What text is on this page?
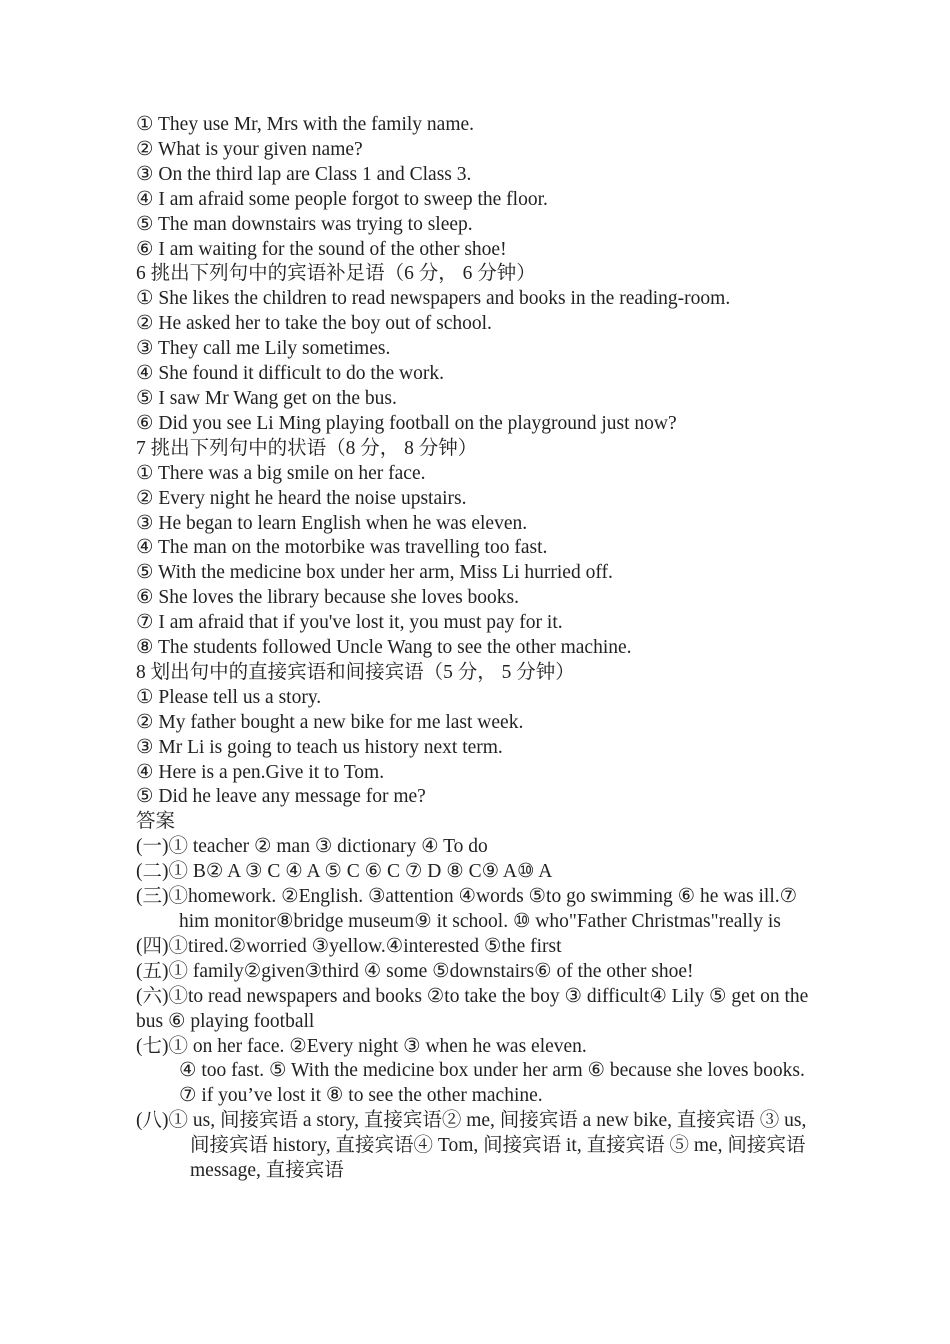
① They use Mr, Mrs with the family name.
② What is your given name?
③ On the third lap are Class 1 and Class 3.
④ I am afraid some people forgot to sweep the floor.
⑤ The man downstairs was trying to sleep.
⑥ I am waiting for the sound of the other shoe!
6 挑出下列句中的宾语补足语（6 分， 6 分钟）
① She likes the children to read newspapers and books in the reading-room.
② He asked her to take the boy out of school.
③ They call me Lily sometimes.
④ She found it difficult to do the work.
⑤ I saw Mr Wang get on the bus.
⑥ Did you see Li Ming playing football on the playground just now?
7 挑出下列句中的状语（8 分， 8 分钟）
① There was a big smile on her face.
② Every night he heard the noise upstairs.
③ He began to learn English when he was eleven.
④ The man on the motorbike was travelling too fast.
⑤ With the medicine box under her arm, Miss Li hurried off.
⑥ She loves the library because she loves books.
⑦ I am afraid that if you've lost it, you must pay for it.
⑧ The students followed Uncle Wang to see the other machine.
8 划出句中的直接宾语和间接宾语（5 分， 5 分钟）
① Please tell us a story.
② My father bought a new bike for me last week.
③ Mr Li is going to teach us history next term.
④ Here is a pen.Give it to Tom.
⑤ Did he leave any message for me?
答案
(一)① teacher ② man ③ dictionary ④ To do
(二)① B② A ③ C ④ A ⑤ C ⑥ C ⑦ D ⑧ C⑨ A⑩ A
(三)①homework. ②English. ③attention ④words ⑤to go swimming ⑥ he was ill.⑦ him monitor⑧bridge museum⑨ it school. ⑩ who"Father Christmas"really is
(四)①tired.②worried ③yellow.④interested ⑤the first
(五)① family②given③third ④ some ⑤downstairs⑥ of the other shoe!
(六)①to read newspapers and books ②to take the boy ③ difficult④ Lily ⑤ get on the bus ⑥ playing football
(七)① on her face. ②Every night ③ when he was eleven.
④ too fast. ⑤ With the medicine box under her arm ⑥ because she loves books. ⑦ if you’ve lost it ⑧ to see the other machine.
(八)① us, 间接宾语 a story, 直接宾语② me, 间接宾语 a new bike, 直接宾语 ③ us, 间接宾语 history, 直接宾语④ Tom, 间接宾语 it, 直接宾语 ⑤ me, 间接宾语 message, 直接宾语
